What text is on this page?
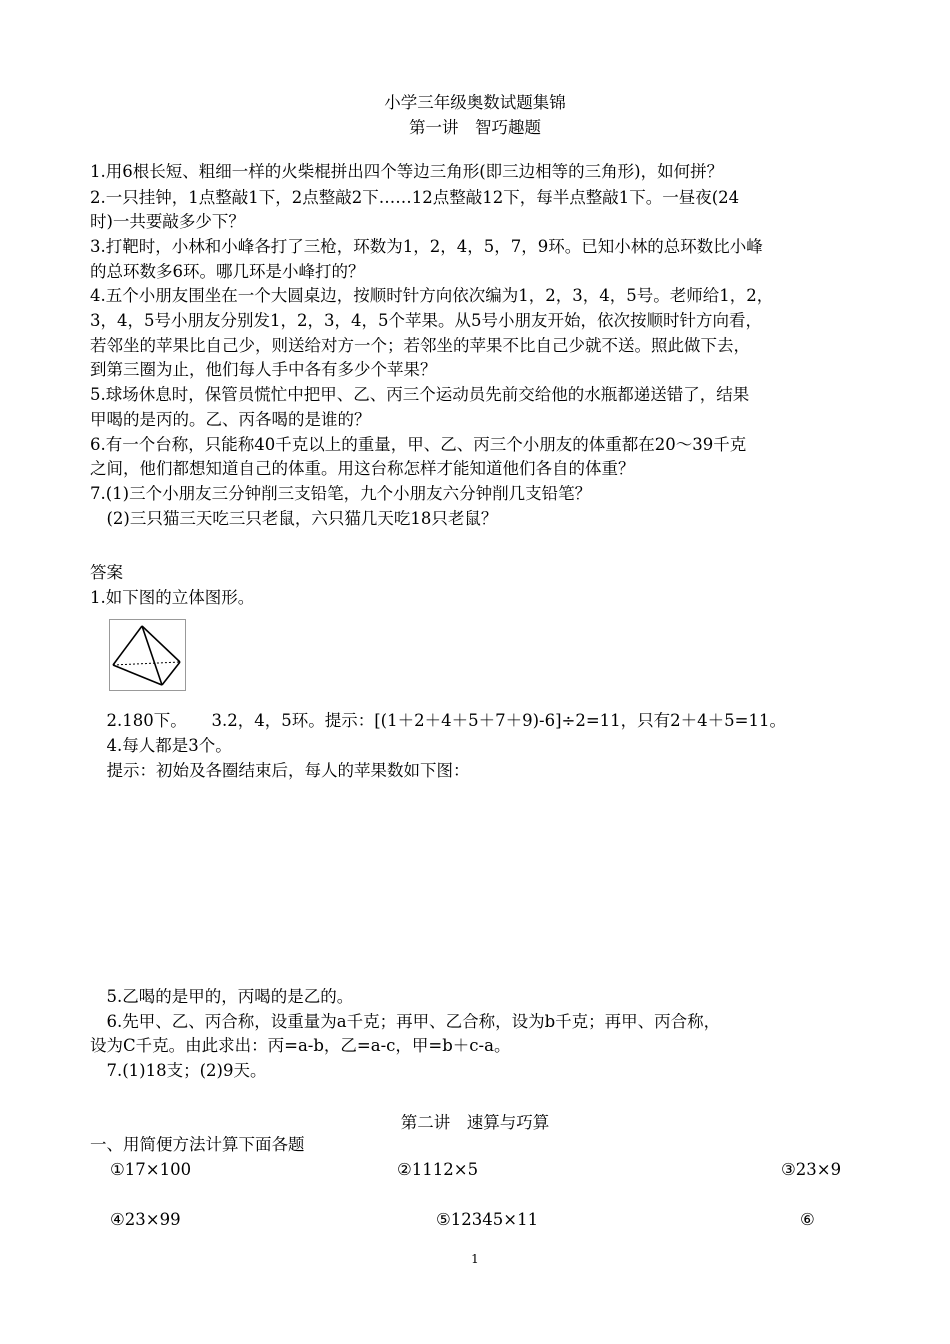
小学三年级奥数试题集锦
第一讲　智巧趣题
1.用6根长短、粗细一样的火柴棍拼出四个等边三角形(即三边相等的三角形)，如何拼？
2.一只挂钟，1点整敲1下，2点整敲2下……12点整敲12下，每半点整敲1下。一昼夜(24
时)一共要敲多少下？
3.打靶时，小林和小峰各打了三枪，环数为1，2，4，5，7，9环。已知小林的总环数比小峰
的总环数多6环。哪几环是小峰打的？
4.五个小朋友围坐在一个大圆桌边，按顺时针方向依次编为1，2，3，4，5号。老师给1，2，
3，4，5号小朋友分别发1，2，3，4，5个苹果。从5号小朋友开始，依次按顺时针方向看，
若邻坐的苹果比自己少，则送给对方一个；若邻坐的苹果不比自己少就不送。照此做下去，
到第三圈为止，他们每人手中各有多少个苹果？
5.球场休息时，保管员慌忙中把甲、乙、丙三个运动员先前交给他的水瓶都递送错了，结果
甲喝的是丙的。乙、丙各喝的是谁的？
6.有一个台称，只能称40千克以上的重量，甲、乙、丙三个小朋友的体重都在20～39千克
之间，他们都想知道自己的体重。用这台称怎样才能知道他们各自的体重？
7.(1)三个小朋友三分钟削三支铅笔，九个小朋友六分钟削几支铅笔？
　(2)三只猫三天吃三只老鼠，六只猫几天吃18只老鼠？
答案
1.如下图的立体图形。
　2.180下。　　3.2，4，5环。提示：[(1＋2＋4＋5＋7＋9)-6]÷2=11，只有2＋4＋5=11。
　4.每人都是3个。
　提示：初始及各圈结束后，每人的苹果数如下图：
　5.乙喝的是甲的，丙喝的是乙的。
　6.先甲、乙、丙合称，设重量为a千克；再甲、乙合称，设为b千克；再甲、丙合称，
设为C千克。由此求出：丙=a-b，乙=a-c，甲=b＋c-a。
　7.(1)18支；(2)9天。
第二讲　速算与巧算
一、用简便方法计算下面各题
①17×100	②1112×5	③23×9
④23×99	⑤12345×11	⑥
1
